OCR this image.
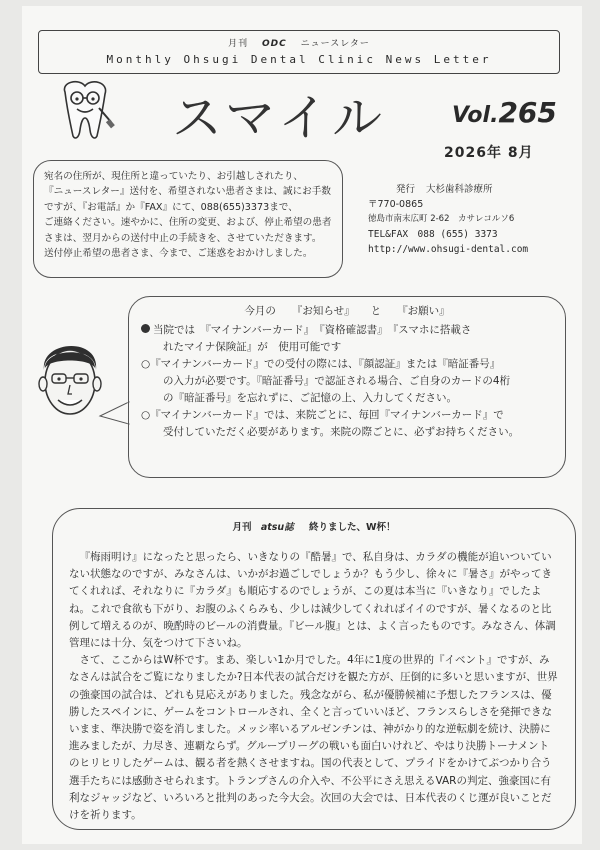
月刊 ODC ニュースレター
Monthly Ohsugi Dental Clinic News Letter
スマイル	Vol.265
2026年 8月
宛名の住所が、現住所と違っていたり、お引越しされたり、
『ニュースレター』送付を、希望されない患者さまは、誠にお手数
ですが、『お電話』か『FAX』にて、088(655)3373まで、
ご連絡ください。速やかに、住所の変更、および、停止希望の患者
さまは、翌月からの送付中止の手続きを、させていただきます。
送付停止希望の患者さま、今まで、ご迷惑をおかけしました。
発行 大杉歯科診療所
〒770-0865
徳島市南末広町 2-62　カサレコルソ6
TEL&FAX　088 (655) 3373
http://www.ohsugi-dental.com
今月の 『お知らせ』 と 『お願い』
当院では　『マイナンバーカード』　『資格確認書』　『スマホに搭載さ
れたマイナ保険証』が　使用可能です
○『マイナンバーカード』での受付の際には、『顔認証』または『暗証番号』
の入力が必要です。『暗証番号』で認証される場合、ご自身のカードの4桁
の『暗証番号』を忘れずに、ご記憶の上、入力してください。
○『マイナンバーカード』では、来院ごとに、毎回『マイナンバーカード』で
受付していただく必要があります。来院の際ごとに、必ずお持ちください。
月刊 atsu誌 終りました、W杯！

『梅雨明け』になったと思ったら、いきなりの『酷暑』で、私自身は、カラダの機能が追いついていない状態なのですが、みなさんは、いかがお過ごしでしょうか？もう少し、徐々に『暑さ』がやってきてくれれば、それなりに『カラダ』も順応するのでしょうが、この夏は本当に『いきなり』でしたよね。これで食欲も下がり、お腹のふくらみも、少しは減少してくれればイイのですが、暑くなるのと比例して増えるのが、晩酌時のビールの消費量。『ビール腹』とは、よく言ったものです。みなさん、体調管理には十分、気をつけて下さいね。

さて、ここからはW杯です。まあ、楽しい1か月でした。4年に1度の世界的『イベント』ですが、みなさんは試合をご覧になりましたか?日本代表の試合だけを観た方が、圧倒的に多いと思いますが、世界の強豪国の試合は、どれも見応えがありました。残念ながら、私が優勝候補に予想したフランスは、優勝したスペインに、ゲームをコントロールされ、全くと言っていいほど、フランスらしさを発揮できないまま、準決勝で姿を消しました。メッシ率いるアルゼンチンは、神がかり的な逆転劇を続け、決勝に進みましたが、力尽き、連覇ならず。グループリーグの戦いも面白いけれど、やはり決勝トーナメントのヒリヒリしたゲームは、観る者を熱くさせますね。国の代表として、プライドをかけてぶつかり合う選手たちには感動させられます。トランプさんの介入や、不公平にさえ思えるVARの判定、強豪国に有利なジャッジなど、いろいろと批判のあった今大会。次回の大会では、日本代表のくじ運が良いことだけを祈ります。
